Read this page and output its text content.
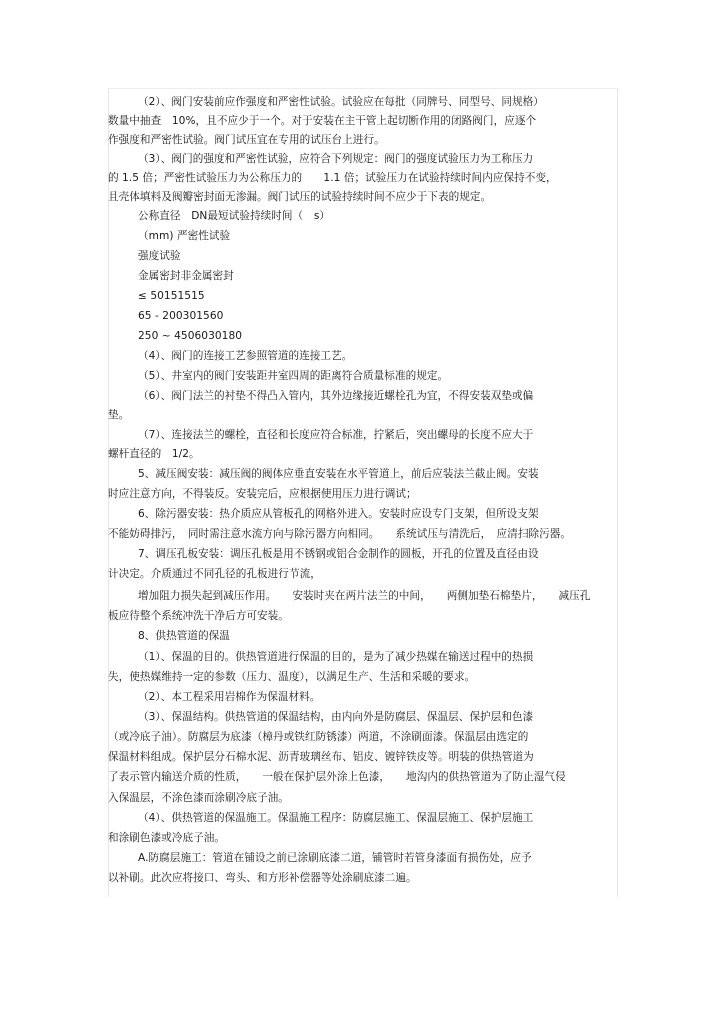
（2）、阀门安装前应作强度和严密性试验。试验应在每批（同牌号、同型号、同规格）
数量中抽查　10%，且不应少于一个。对于安装在主干管上起切断作用的闭路阀门，应逐个
作强度和严密性试验。阀门试压宜在专用的试压台上进行。
（3）、阀门的强度和严密性试验，应符合下列规定：阀门的强度试验压力为工称压力
的 1.5 倍；严密性试验压力为公称压力的　　1.1 倍；试验压力在试验持续时间内应保持不变，
且壳体填料及阀瓣密封面无渗漏。阀门试压的试验持续时间不应少于下表的规定。
公称直径　DN最短试验持续时间（　s）
（mm) 严密性试验
强度试验
金属密封非金属密封
≤ 50151515
65 - 200301560
250 ~ 4506030180
（4）、阀门的连接工艺参照管道的连接工艺。
（5）、井室内的阀门安装距井室四周的距离符合质量标准的规定。
（6）、阀门法兰的衬垫不得凸入管内，其外边缘接近螺栓孔为宜，不得安装双垫或偏
垫。
（7）、连接法兰的螺栓，直径和长度应符合标准，拧紧后，突出螺母的长度不应大于
螺杆直径的　1/2。
5、减压阀安装：减压阀的阀体应垂直安装在水平管道上，前后应装法兰截止阀。安装
时应注意方向，不得装反。安装完后，应根据使用压力进行调试；
6、除污器安装：热介质应从管板孔的网格外进入。安装时应设专门支架，但所设支架
不能妨碍排污，　同时需注意水流方向与除污器方向相同。　　系统试压与清洗后，　应清扫除污器。
7、调压孔板安装：调压孔板是用不锈钢或铝合金制作的圆板，开孔的位置及直径由设
计决定。介质通过不同孔径的孔板进行节流，
增加阻力损失起到减压作用。　　安装时夹在两片法兰的中间，　　两侧加垫石棉垫片，　　减压孔
板应待整个系统冲洗干净后方可安装。
8、供热管道的保温
（1）、保温的目的。供热管道进行保温的目的，是为了减少热媒在输送过程中的热损
失，使热媒维持一定的参数（压力、温度），以满足生产、生活和采暖的要求。
（2）、本工程采用岩棉作为保温材料。
（3）、保温结构。供热管道的保温结构，由内向外是防腐层、保温层、保护层和色漆
（或冷底子油）。防腐层为底漆（樟丹或铁红防锈漆）两道，不涂刷面漆。保温层由选定的
保温材料组成。保护层分石棉水泥、沥青玻璃丝布、铝皮、镀锌铁皮等。明装的供热管道为
了表示管内输送介质的性质，　　一般在保护层外涂上色漆，　　地沟内的供热管道为了防止湿气侵
入保温层，不涂色漆而涂刷冷底子油。
（4）、供热管道的保温施工。保温施工程序：防腐层施工、保温层施工、保护层施工
和涂刷色漆或冷底子油。
A.防腐层施工：管道在铺设之前已涂刷底漆二道，铺管时若管身漆面有损伤处，应予
以补刷。此次应将接口、弯头、和方形补偿器等处涂刷底漆二遍。
